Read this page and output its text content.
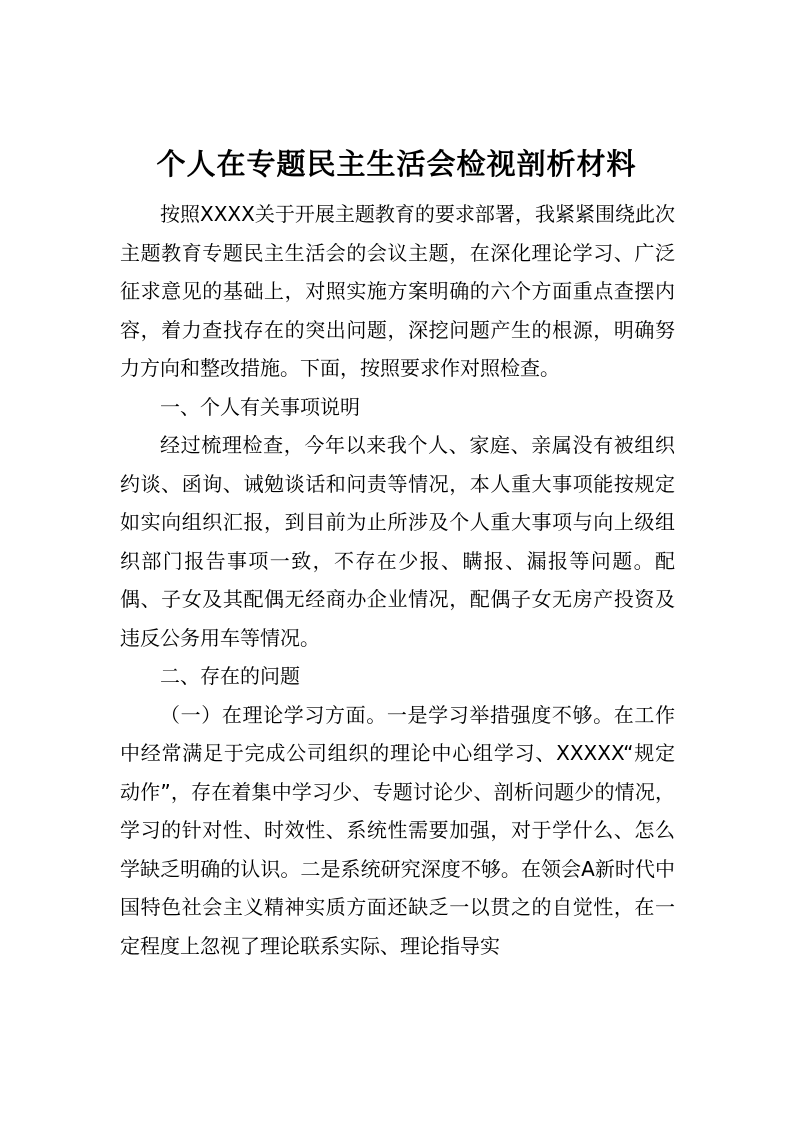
个人在专题民主生活会检视剖析材料

按照XXXX关于开展主题教育的要求部署，我紧紧围绕此次主题教育专题民主生活会的会议主题，在深化理论学习、广泛征求意见的基础上，对照实施方案明确的六个方面重点查摆内容，着力查找存在的突出问题，深挖问题产生的根源，明确努力方向和整改措施。下面，按照要求作对照检查。

一、个人有关事项说明

经过梳理检查，今年以来我个人、家庭、亲属没有被组织约谈、函询、诫勉谈话和问责等情况，本人重大事项能按规定如实向组织汇报，到目前为止所涉及个人重大事项与向上级组织部门报告事项一致，不存在少报、瞒报、漏报等问题。配偶、子女及其配偶无经商办企业情况，配偶子女无房产投资及违反公务用车等情况。

二、存在的问题

（一）在理论学习方面。一是学习举措强度不够。在工作中经常满足于完成公司组织的理论中心组学习、XXXXX“规定动作”，存在着集中学习少、专题讨论少、剖析问题少的情况，学习的针对性、时效性、系统性需要加强，对于学什么、怎么学缺乏明确的认识。二是系统研究深度不够。在领会A新时代中国特色社会主义精神实质方面还缺乏一以贯之的自觉性，在一定程度上忽视了理论联系实际、理论指导实
